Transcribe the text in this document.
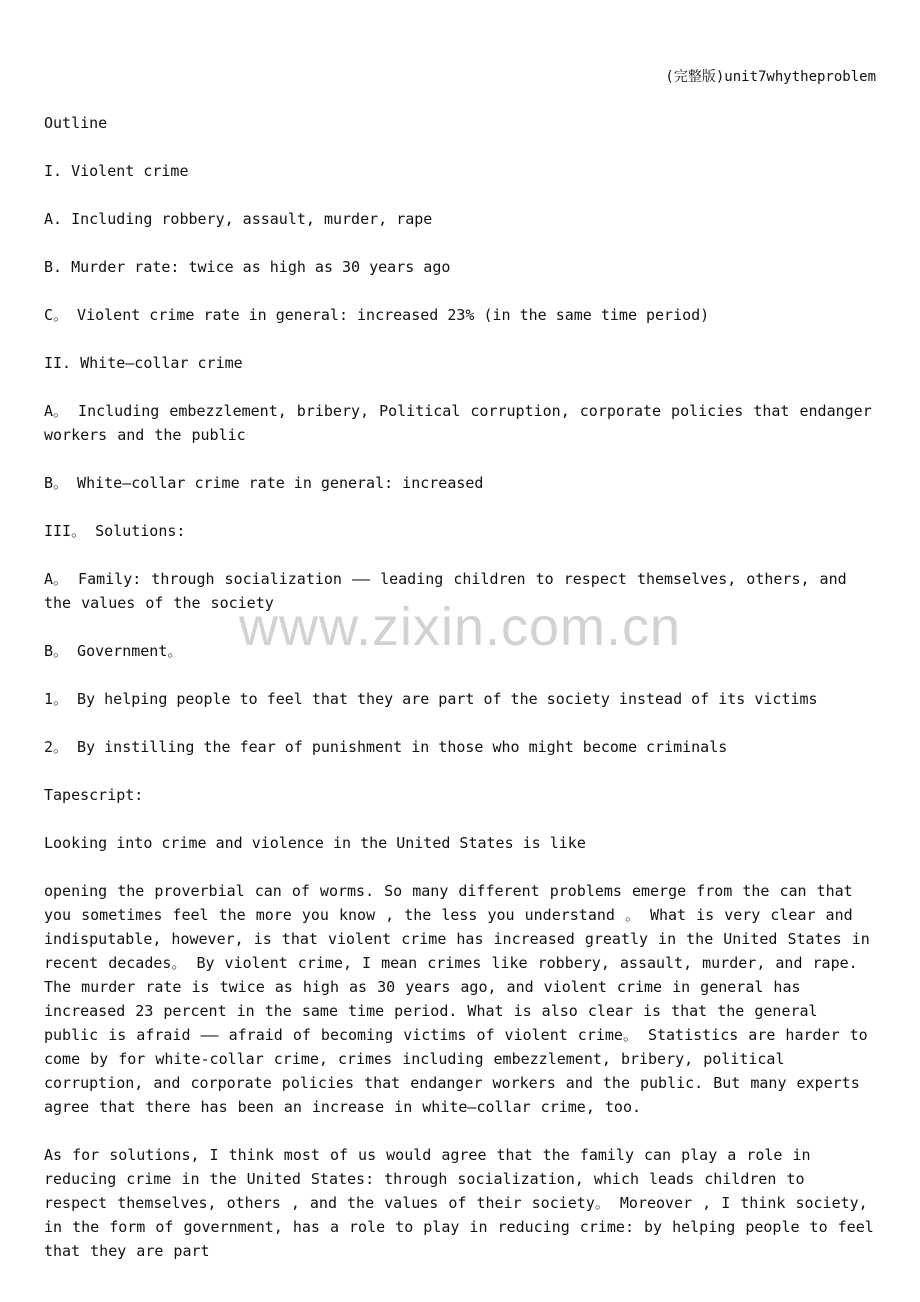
(完整版)unit7whytheproblem
www.zixin.com.cn
Outline
I. Violent crime
A. Including robbery, assault, murder, rape
B. Murder rate: twice as high as 30 years ago
C。 Violent crime rate in general: increased 23% (in the same time period)
II. White—collar crime
A。 Including embezzlement, bribery, Political corruption, corporate policies that endanger workers and the public
B。 White—collar crime rate in general: increased
III。 Solutions:
A。 Family: through socialization —— leading children to respect themselves, others, and the values of the society
B。 Government。
1。 By helping people to feel that they are part of the society instead of its victims
2。 By instilling the fear of punishment in those who might become criminals
Tapescript:
Looking into crime and violence in the United States is like
opening the proverbial can of worms. So many different problems emerge from the can that you sometimes feel the more you know , the less you understand 。 What is very clear and indisputable, however, is that violent crime has increased greatly in the United States in recent decades。 By violent crime, I mean crimes like robbery, assault, murder, and rape. The murder rate is twice as high as 30 years ago, and violent crime in general has increased 23 percent in the same time period. What is also clear is that the general public is afraid —— afraid of becoming victims of violent crime。 Statistics are harder to come by for white-collar crime, crimes including embezzlement, bribery, political corruption, and corporate policies that endanger workers and the public. But many experts agree that there has been an increase in white—collar crime, too.
As for solutions, I think most of us would agree that the family can play a role in reducing crime in the United States: through socialization, which leads children to respect themselves, others , and the values of their society。 Moreover , I think society, in the form of government, has a role to play in reducing crime: by helping people to feel that they are part
